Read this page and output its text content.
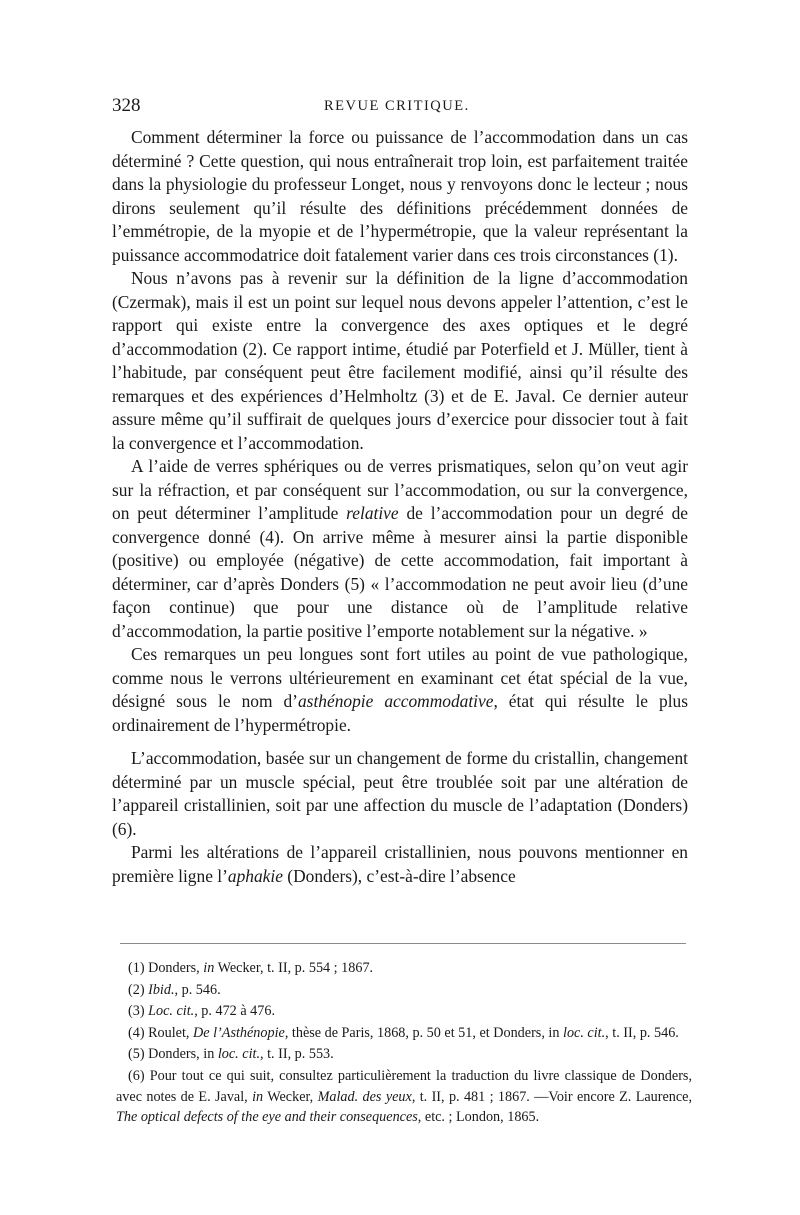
328	REVUE CRITIQUE.

Comment déterminer la force ou puissance de l’accommodation dans un cas déterminé ? Cette question, qui nous entraînerait trop loin, est parfaitement traitée dans la physiologie du professeur Longet, nous y renvoyons donc le lecteur ; nous dirons seulement qu’il résulte des définitions précédemment données de l’emmétropie, de la myopie et de l’hypermétropie, que la valeur représentant la puissance accommodatrice doit fatalement varier dans ces trois circonstances (1).

Nous n’avons pas à revenir sur la définition de la ligne d’accommodation (Czermak), mais il est un point sur lequel nous devons appeler l’attention, c’est le rapport qui existe entre la convergence des axes optiques et le degré d’accommodation (2). Ce rapport intime, étudié par Poterfield et J. Müller, tient à l’habitude, par conséquent peut être facilement modifié, ainsi qu’il résulte des remarques et des expériences d’Helmholtz (3) et de E. Javal. Ce dernier auteur assure même qu’il suffirait de quelques jours d’exercice pour dissocier tout à fait la convergence et l’accommodation.

A l’aide de verres sphériques ou de verres prismatiques, selon qu’on veut agir sur la réfraction, et par conséquent sur l’accommodation, ou sur la convergence, on peut déterminer l’amplitude relative de l’accommodation pour un degré de convergence donné (4). On arrive même à mesurer ainsi la partie disponible (positive) ou employée (négative) de cette accommodation, fait important à déterminer, car d’après Donders (5) « l’accommodation ne peut avoir lieu (d’une façon continue) que pour une distance où de l’amplitude relative d’accommodation, la partie positive l’emporte notablement sur la négative. »

Ces remarques un peu longues sont fort utiles au point de vue pathologique, comme nous le verrons ultérieurement en examinant cet état spécial de la vue, désigné sous le nom d’asthénopie accommodative, état qui résulte le plus ordinairement de l’hypermétropie.

L’accommodation, basée sur un changement de forme du cristallin, changement déterminé par un muscle spécial, peut être troublée soit par une altération de l’appareil cristallinien, soit par une affection du muscle de l’adaptation (Donders) (6).

Parmi les altérations de l’appareil cristallinien, nous pouvons mentionner en première ligne l’aphakie (Donders), c’est-à-dire l’absence

(1) Donders, in Wecker, t. II, p. 554 ; 1867.

(2) Ibid., p. 546.

(3) Loc. cit., p. 472 à 476.

(4) Roulet, De l’Asthénopie, thèse de Paris, 1868, p. 50 et 51, et Donders, in loc. cit., t. II, p. 546.

(5) Donders, in loc. cit., t. II, p. 553.

(6) Pour tout ce qui suit, consultez particulièrement la traduction du livre classique de Donders, avec notes de E. Javal, in Wecker, Malad. des yeux, t. II, p. 481 ; 1867. —Voir encore Z. Laurence, The optical defects of the eye and their consequences, etc. ; London, 1865.
